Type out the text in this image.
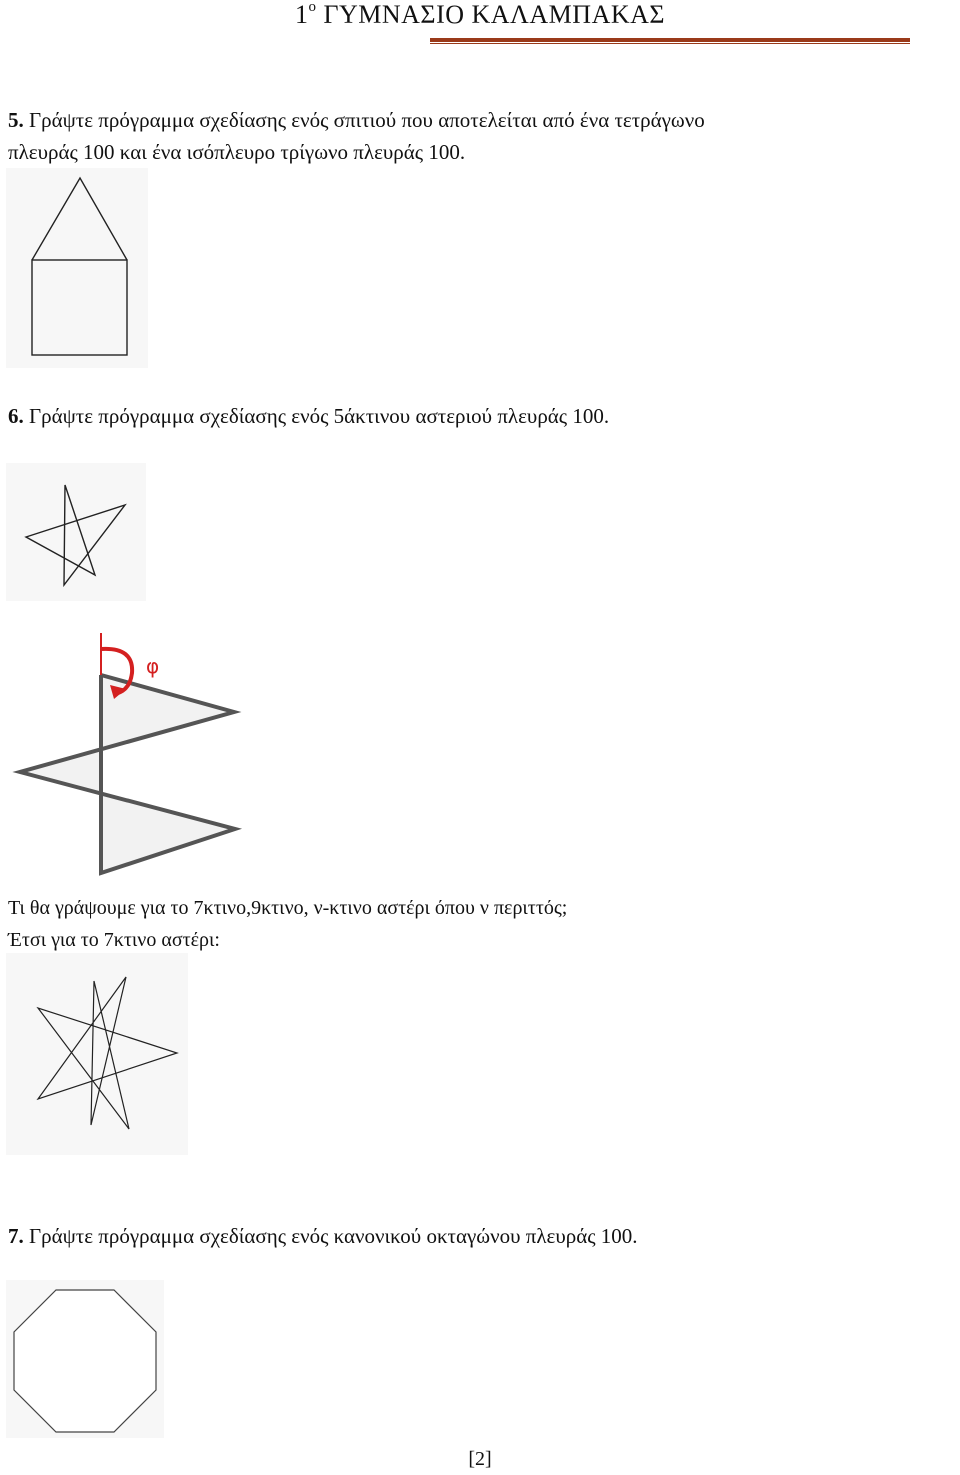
$1^o$ ΓΥΜΝΑΣΙΟ ΚΑΛΑΜΠΑΚΑΣ
5. Γράψτε πρόγραμμα σχεδίασης ενός σπιτιού που αποτελείται από ένα τετράγωνο
πλευράς 100 και ένα ισόπλευρο τρίγωνο πλευράς 100.
6. Γράψτε πρόγραμμα σχεδίασης ενός 5άκτινου αστεριού πλευράς 100.
φ
Τι θα γράψουμε για το 7κτινο,9κτινο, ν-κτινο αστέρι όπου ν περιττός;
Έτσι για το 7κτινο αστέρι:
7. Γράψτε πρόγραμμα σχεδίασης ενός κανονικού οκταγώνου πλευράς 100.
[2]
